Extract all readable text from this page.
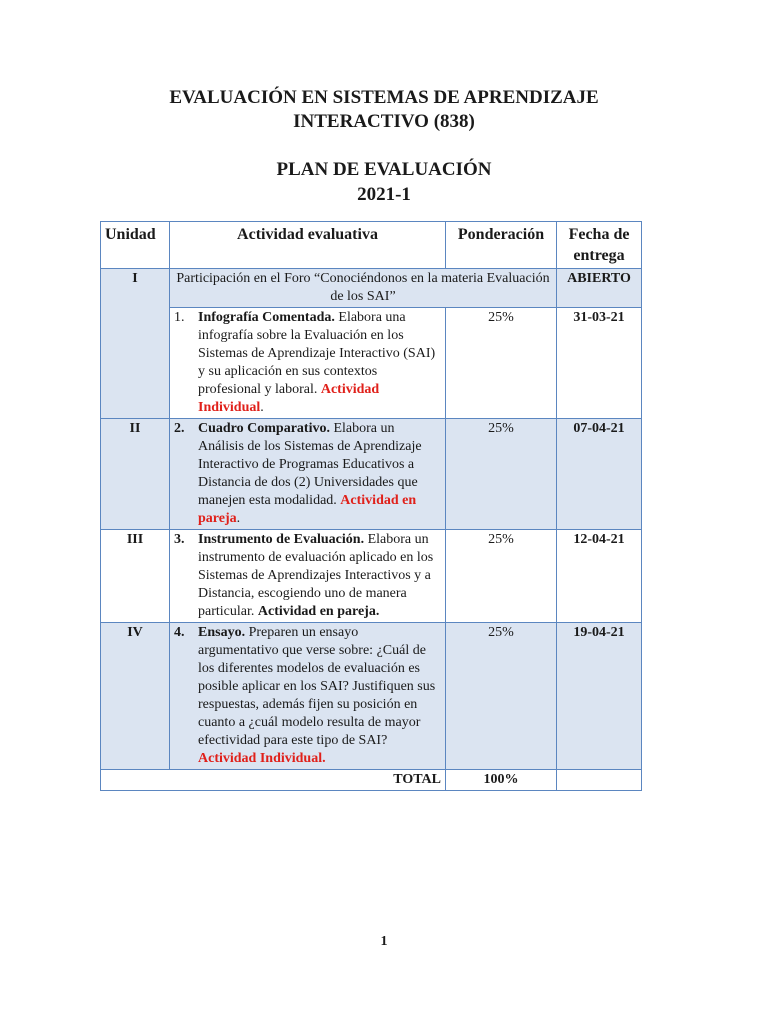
EVALUACIÓN EN SISTEMAS DE APRENDIZAJE
INTERACTIVO (838)
PLAN DE EVALUACIÓN
2021-1
Unidad	Actividad evaluativa	Ponderación	Fecha de
entrega

I	Participación en el Foro “Conociéndonos en la materia Evaluación de los SAI”		ABIERTO

	1. Infografía Comentada. Elabora una infografía sobre la Evaluación en los Sistemas de Aprendizaje Interactivo (SAI) y su aplicación en sus contextos profesional y laboral. Actividad Individual.	25%	31-03-21
II	2. Cuadro Comparativo. Elabora un Análisis de los Sistemas de Aprendizaje Interactivo de Programas Educativos a Distancia de dos (2) Universidades que manejen esta modalidad. Actividad en pareja.	25%	07-04-21
III	3. Instrumento de Evaluación. Elabora un instrumento de evaluación aplicado en los Sistemas de Aprendizajes Interactivos y a Distancia, escogiendo uno de manera particular. Actividad en pareja.	25%	12-04-21
IV	4. Ensayo. Preparen un ensayo argumentativo que verse sobre: ¿Cuál de los diferentes modelos de evaluación es posible aplicar en los SAI? Justifiquen sus respuestas, además fijen su posición en cuanto a ¿cuál modelo resulta de mayor efectividad para este tipo de SAI? Actividad Individual.	25%	19-04-21
TOTAL		100%	
1
